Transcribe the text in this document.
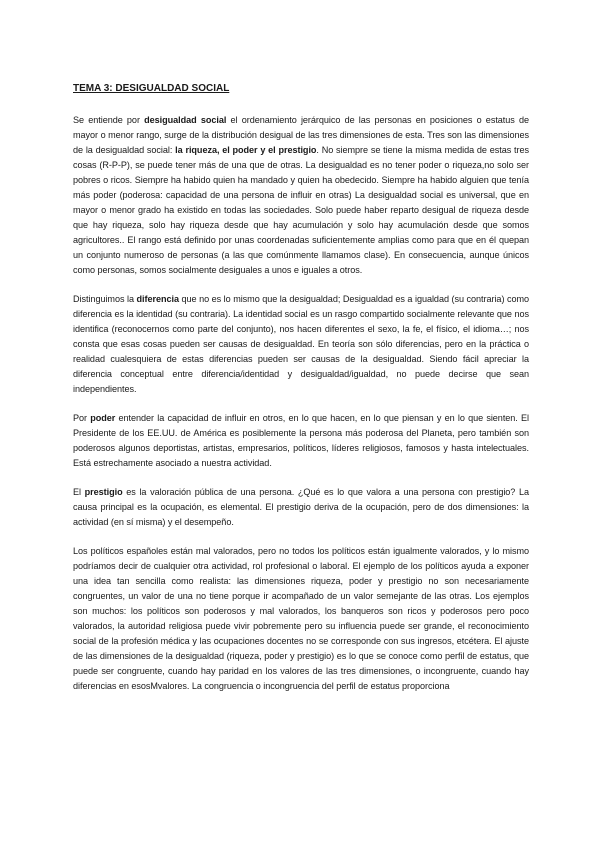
TEMA 3: DESIGUALDAD SOCIAL

Se entiende por desigualdad social el ordenamiento jerárquico de las personas en posiciones o estatus de mayor o menor rango, surge de la distribución desigual de las tres dimensiones de esta. Tres son las dimensiones de la desigualdad social: la riqueza, el poder y el prestigio. No siempre se tiene la misma medida de estas tres cosas (R-P-P), se puede tener más de una que de otras. La desigualdad es no tener poder o riqueza,no solo ser pobres o ricos. Siempre ha habido quien ha mandado y quien ha obedecido. Siempre ha habido alguien que tenía más poder (poderosa: capacidad de una persona de influir en otras) La desigualdad social es universal, que en mayor o menor grado ha existido en todas las sociedades. Solo puede haber reparto desigual de riqueza desde que hay riqueza, solo hay riqueza desde que hay acumulación y solo hay acumulación desde que somos agricultores.. El rango está definido por unas coordenadas suficientemente amplias como para que en él quepan un conjunto numeroso de personas (a las que comúnmente llamamos clase). En consecuencia, aunque únicos como personas, somos socialmente desiguales a unos e iguales a otros.

Distinguimos la diferencia que no es lo mismo que la desigualdad; Desigualdad es a igualdad (su contraria) como diferencia es la identidad (su contraria). La identidad social es un rasgo compartido socialmente relevante que nos identifica (reconocernos como parte del conjunto), nos hacen diferentes el sexo, la fe, el físico, el idioma…; nos consta que esas cosas pueden ser causas de desigualdad. En teoría son sólo diferencias, pero en la práctica o realidad cualesquiera de estas diferencias pueden ser causas de la desigualdad. Siendo fácil apreciar la diferencia conceptual entre diferencia/identidad y desigualdad/igualdad, no puede decirse que sean independientes.

Por poder entender la capacidad de influir en otros, en lo que hacen, en lo que piensan y en lo que sienten. El Presidente de los EE.UU. de América es posiblemente la persona más poderosa del Planeta, pero también son poderosos algunos deportistas, artistas, empresarios, políticos, líderes religiosos, famosos y hasta intelectuales. Está estrechamente asociado a nuestra actividad.

El prestigio es la valoración pública de una persona. ¿Qué es lo que valora a una persona con prestigio? La causa principal es la ocupación, es elemental. El prestigio deriva de la ocupación, pero de dos dimensiones: la actividad (en sí misma) y el desempeño.

Los políticos españoles están mal valorados, pero no todos los políticos están igualmente valorados, y lo mismo podríamos decir de cualquier otra actividad, rol profesional o laboral. El ejemplo de los políticos ayuda a exponer una idea tan sencilla como realista: las dimensiones riqueza, poder y prestigio no son necesariamente congruentes, un valor de una no tiene porque ir acompañado de un valor semejante de las otras. Los ejemplos son muchos: los políticos son poderosos y mal valorados, los banqueros son ricos y poderosos pero poco valorados, la autoridad religiosa puede vivir pobremente pero su influencia puede ser grande, el reconocimiento social de la profesión médica y las ocupaciones docentes no se corresponde con sus ingresos, etcétera. El ajuste de las dimensiones de la desigualdad (riqueza, poder y prestigio) es lo que se conoce como perfil de estatus, que puede ser congruente, cuando hay paridad en los valores de las tres dimensiones, o incongruente, cuando hay diferencias en esosMvalores. La congruencia o incongruencia del perfil de estatus proporciona
